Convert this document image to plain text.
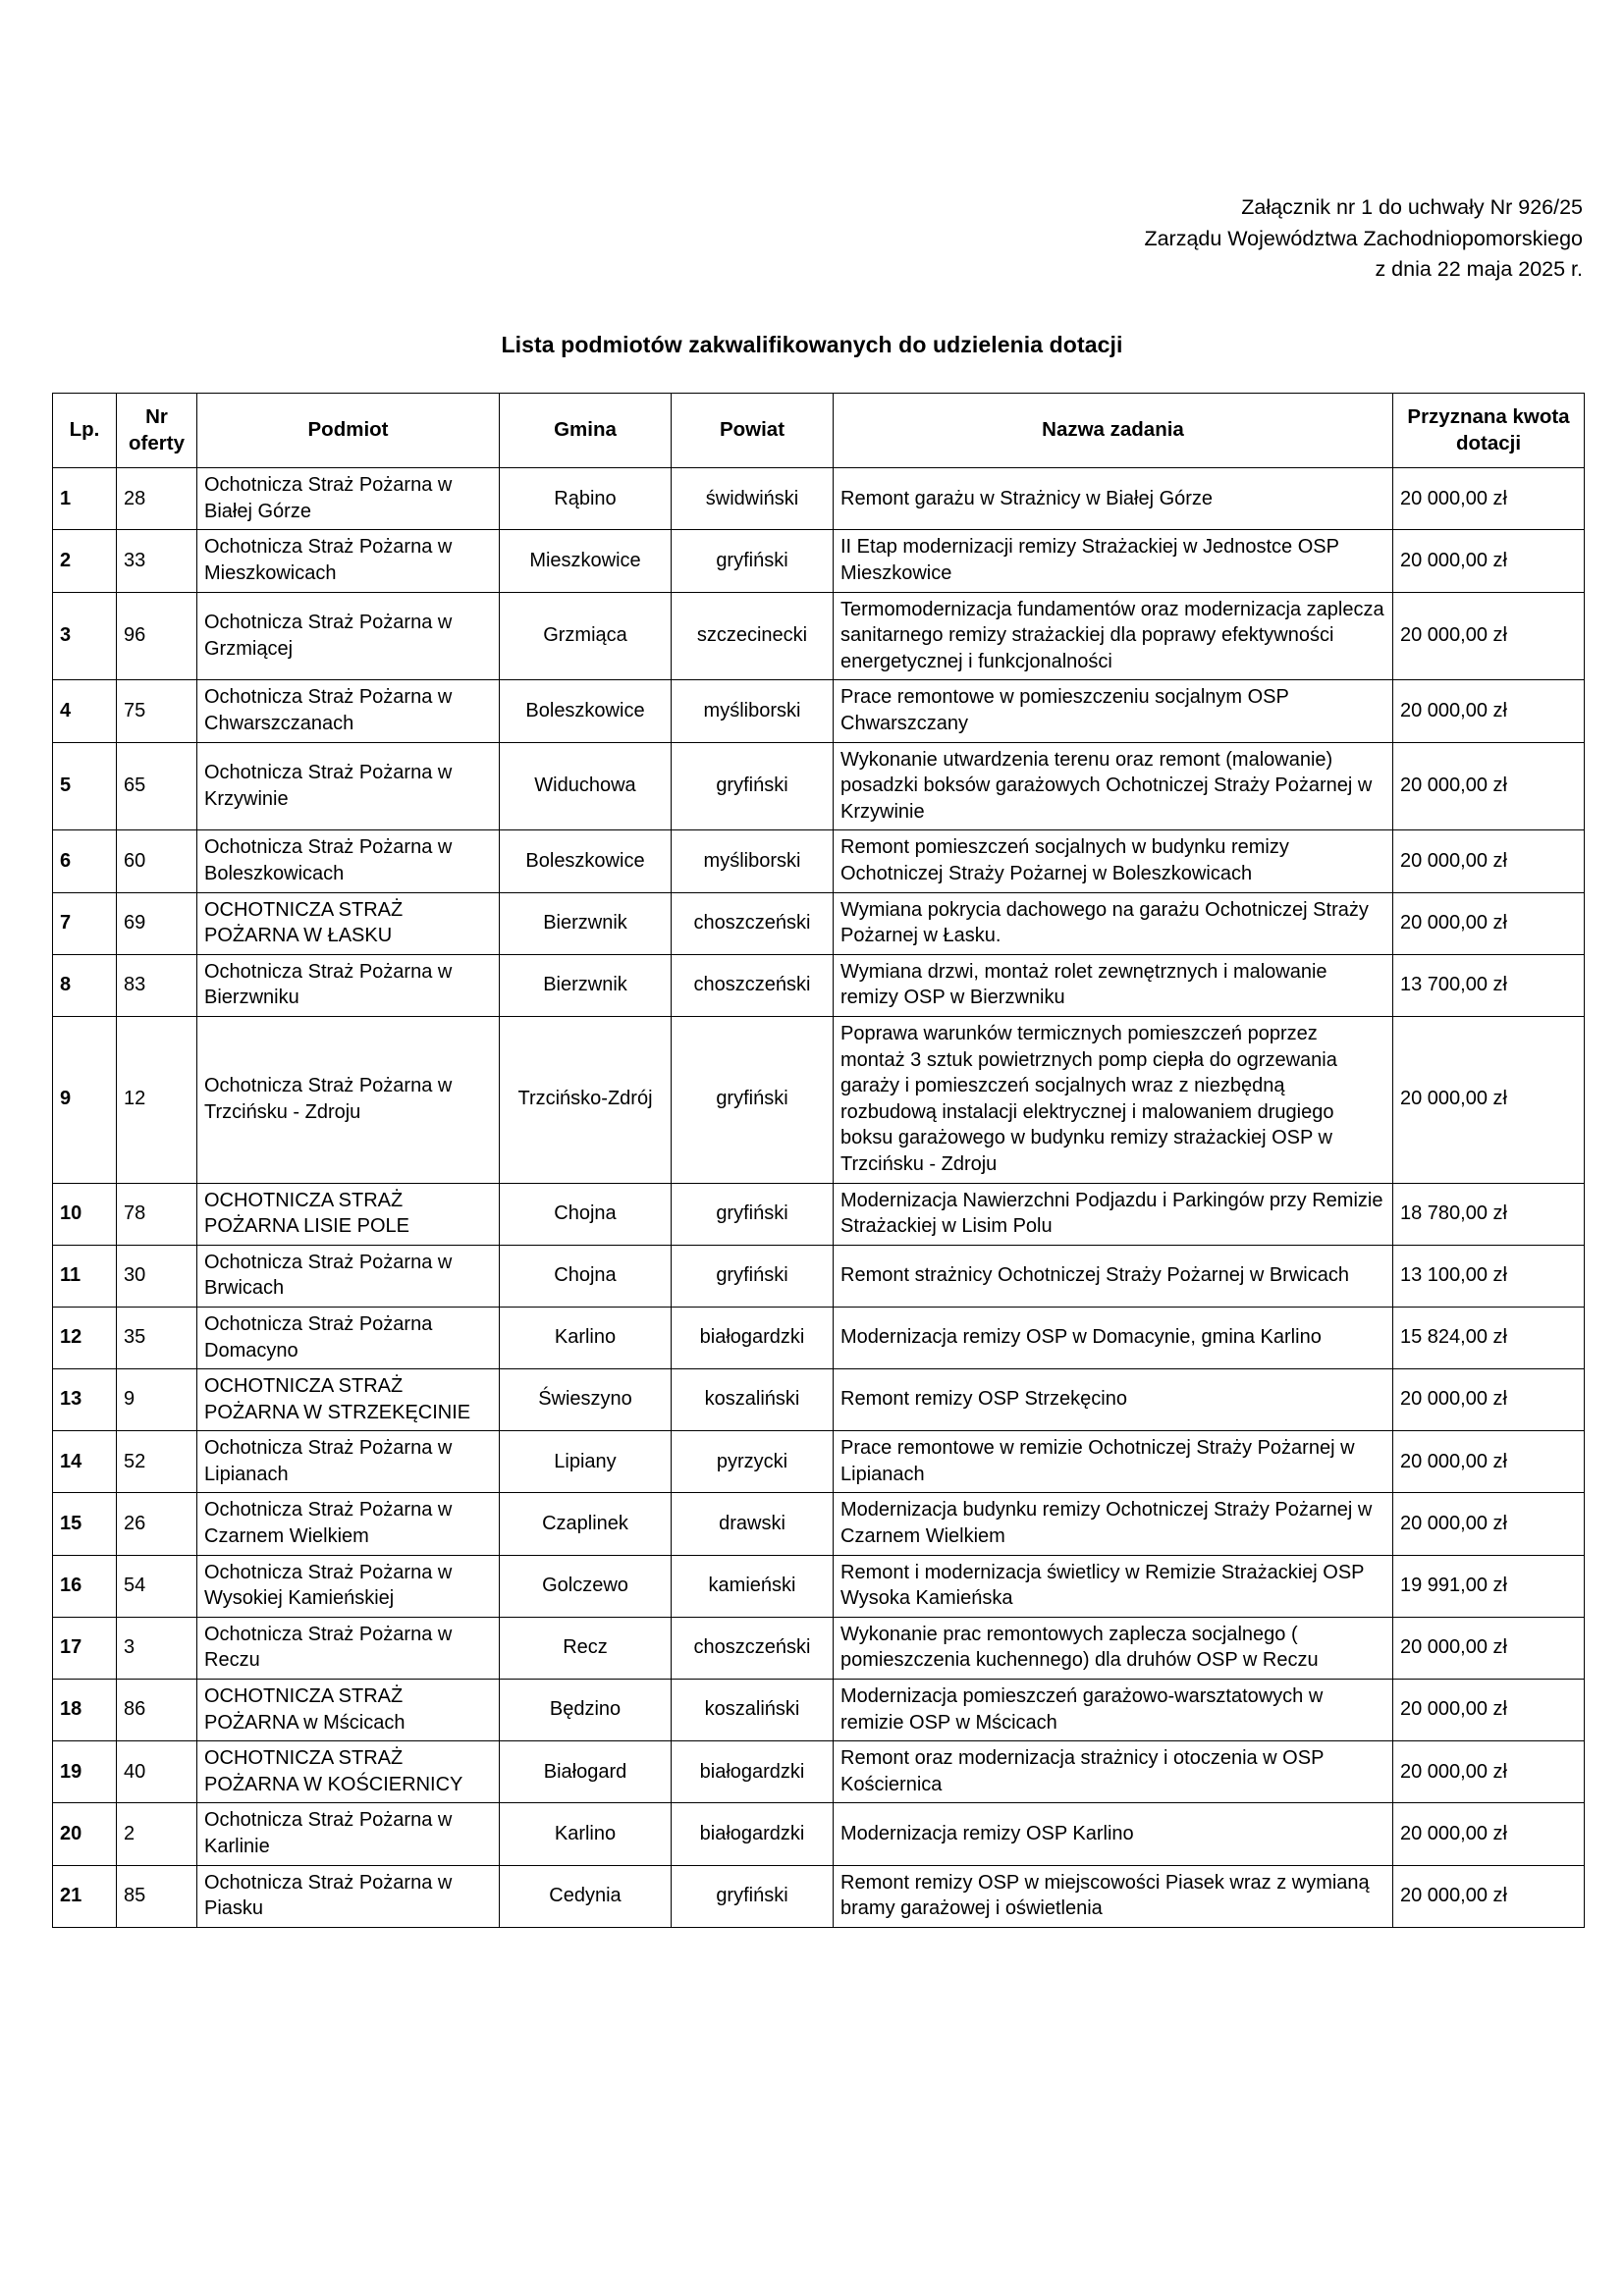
Załącznik nr 1 do uchwały Nr 926/25
Zarządu Województwa Zachodniopomorskiego
z dnia 22 maja 2025 r.
Lista podmiotów zakwalifikowanych do udzielenia dotacji
Lp.	Nr oferty	Podmiot	Gmina	Powiat	Nazwa zadania	Przyznana kwota dotacji
1	28	Ochotnicza Straż Pożarna w Białej Górze	Rąbino	świdwiński	Remont garażu w Strażnicy w Białej Górze	20 000,00 zł
2	33	Ochotnicza Straż Pożarna w Mieszkowicach	Mieszkowice	gryfiński	II Etap modernizacji remizy Strażackiej w Jednostce OSP Mieszkowice	20 000,00 zł
3	96	Ochotnicza Straż Pożarna w Grzmiącej	Grzmiąca	szczecinecki	Termomodernizacja fundamentów oraz modernizacja zaplecza sanitarnego remizy strażackiej dla poprawy efektywności energetycznej i funkcjonalności	20 000,00 zł
4	75	Ochotnicza Straż Pożarna w Chwarszczanach	Boleszkowice	myśliborski	Prace remontowe w pomieszczeniu socjalnym OSP Chwarszczany	20 000,00 zł
5	65	Ochotnicza Straż Pożarna w Krzywinie	Widuchowa	gryfiński	Wykonanie utwardzenia terenu oraz remont (malowanie) posadzki boksów garażowych Ochotniczej Straży Pożarnej w Krzywinie	20 000,00 zł
6	60	Ochotnicza Straż Pożarna w Boleszkowicach	Boleszkowice	myśliborski	Remont pomieszczeń socjalnych w budynku remizy Ochotniczej Straży Pożarnej w Boleszkowicach	20 000,00 zł
7	69	OCHOTNICZA STRAŻ POŻARNA W ŁASKU	Bierzwnik	choszczeński	Wymiana pokrycia dachowego na garażu Ochotniczej Straży Pożarnej w Łasku.	20 000,00 zł
8	83	Ochotnicza Straż Pożarna w Bierzwniku	Bierzwnik	choszczeński	Wymiana drzwi, montaż rolet zewnętrznych i malowanie remizy OSP w Bierzwniku	13 700,00 zł
9	12	Ochotnicza Straż Pożarna w Trzcińsku - Zdroju	Trzcińsko-Zdrój	gryfiński	Poprawa warunków termicznych pomieszczeń poprzez montaż 3 sztuk powietrznych pomp ciepła do ogrzewania garaży i pomieszczeń socjalnych wraz z niezbędną rozbudową instalacji elektrycznej i malowaniem drugiego boksu garażowego w budynku remizy strażackiej OSP w Trzcińsku - Zdroju	20 000,00 zł
10	78	OCHOTNICZA STRAŻ POŻARNA LISIE POLE	Chojna	gryfiński	Modernizacja Nawierzchni Podjazdu i Parkingów przy Remizie Strażackiej w Lisim Polu	18 780,00 zł
11	30	Ochotnicza Straż Pożarna w Brwicach	Chojna	gryfiński	Remont strażnicy Ochotniczej Straży Pożarnej w Brwicach	13 100,00 zł
12	35	Ochotnicza Straż Pożarna Domacyno	Karlino	białogardzki	Modernizacja remizy OSP w Domacynie, gmina Karlino	15 824,00 zł
13	9	OCHOTNICZA STRAŻ POŻARNA W STRZEKĘCINIE	Świeszyno	koszaliński	Remont remizy OSP Strzekęcino	20 000,00 zł
14	52	Ochotnicza Straż Pożarna w Lipianach	Lipiany	pyrzycki	Prace remontowe w remizie Ochotniczej Straży Pożarnej w Lipianach	20 000,00 zł
15	26	Ochotnicza Straż Pożarna w Czarnem Wielkiem	Czaplinek	drawski	Modernizacja budynku remizy Ochotniczej Straży Pożarnej w Czarnem Wielkiem	20 000,00 zł
16	54	Ochotnicza Straż Pożarna w Wysokiej Kamieńskiej	Golczewo	kamieński	Remont i modernizacja świetlicy w Remizie Strażackiej OSP Wysoka Kamieńska	19 991,00 zł
17	3	Ochotnicza Straż Pożarna w Reczu	Recz	choszczeński	Wykonanie prac remontowych zaplecza socjalnego ( pomieszczenia kuchennego) dla druhów OSP w Reczu	20 000,00 zł
18	86	OCHOTNICZA STRAŻ POŻARNA w Mścicach	Będzino	koszaliński	Modernizacja pomieszczeń garażowo-warsztatowych w remizie OSP w Mścicach	20 000,00 zł
19	40	OCHOTNICZA STRAŻ POŻARNA W KOŚCIERNICY	Białogard	białogardzki	Remont oraz modernizacja strażnicy i otoczenia w OSP Kościernica	20 000,00 zł
20	2	Ochotnicza Straż Pożarna w Karlinie	Karlino	białogardzki	Modernizacja remizy OSP Karlino	20 000,00 zł
21	85	Ochotnicza Straż Pożarna w Piasku	Cedynia	gryfiński	Remont remizy OSP w miejscowości Piasek wraz z wymianą bramy garażowej i oświetlenia	20 000,00 zł
